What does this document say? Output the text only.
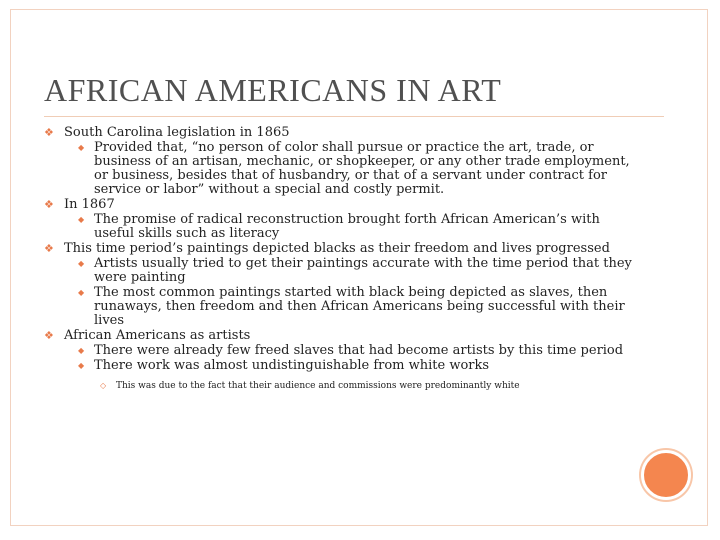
AFRICAN AMERICANS IN ART
❖ South Carolina legislation in 1865
◆ Provided that, “no person of color shall pursue or practice the art, trade, or business of an artisan, mechanic, or shopkeeper, or any other trade employment, or business, besides that of husbandry, or that of a servant under contract for service or labor” without a special and costly permit.
❖ In 1867
◆ The promise of radical reconstruction brought forth African American’s with useful skills such as literacy
❖ This time period’s paintings depicted blacks as their freedom and lives progressed
◆ Artists usually tried to get their paintings accurate with the time period that they were painting
◆ The most common paintings started with black being depicted as slaves, then runaways, then freedom and then African Americans being successful with their lives
❖ African Americans as artists
◆ There were already few freed slaves that had become artists by this time period
◆ There work was almost undistinguishable from white works
◇ This was due to the fact that their audience and commissions were predominantly white
